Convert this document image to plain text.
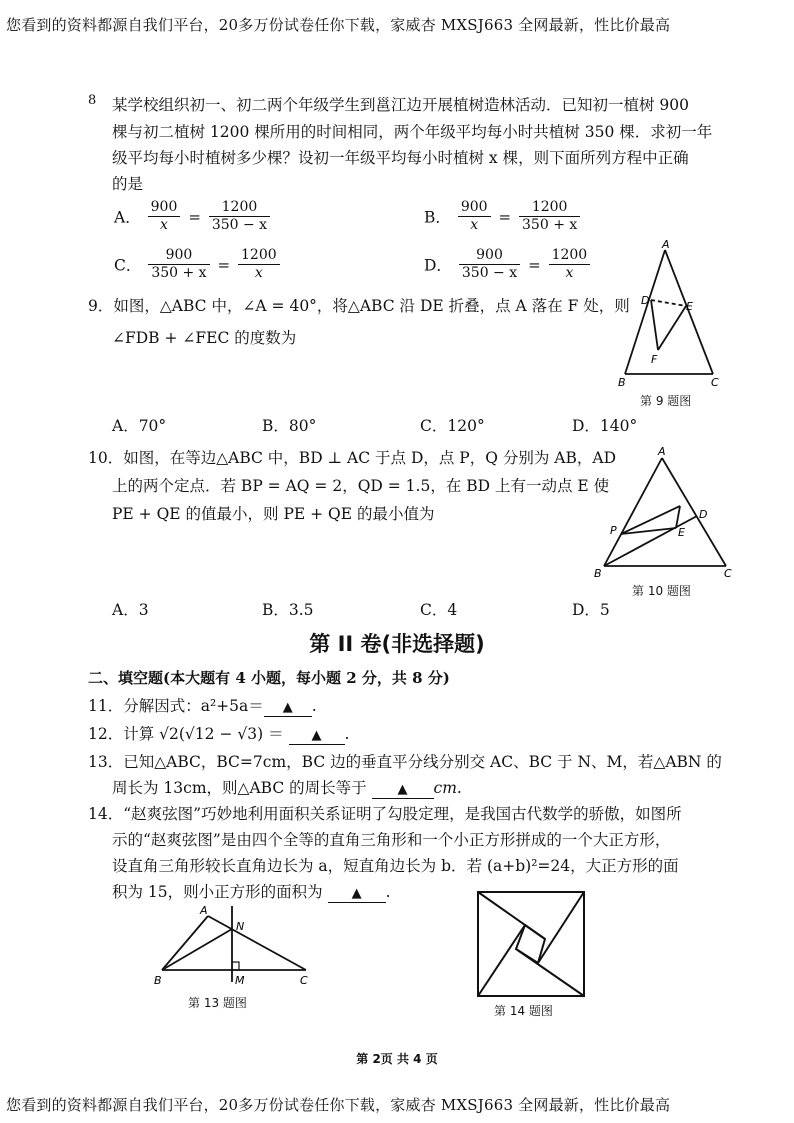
您看到的资料都源自我们平台，20多万份试卷任你下载，家威杏 MXSJ663 全网最新，性比价最高
8 某学校组织初一、初二两个年级学生到邕江边开展植树造林活动．已知初一植树 900
棵与初二植树 1200 棵所用的时间相同，两个年级平均每小时共植树 350 棵．求初一年
级平均每小时植树多少棵？设初一年级平均每小时植树 x 棵，则下面所列方程中正确
的是
A． $\frac{900}{x} = \frac{1200}{350 - x}$	B． $\frac{900}{x} = \frac{1200}{350 + x}$
C． $\frac{900}{350 + x} = \frac{1200}{x}$	D． $\frac{900}{350 - x} = \frac{1200}{x}$
9．如图，△ABC 中，∠A = 40°，将△ABC 沿 DE 折叠，点 A 落在 F 处，则
∠FDB + ∠FEC 的度数为
A．70°	B．80°	C．120°	D．140°
A
B	C
D	E
F
第 9 题图
10．如图，在等边△ABC 中，BD ⊥ AC 于点 D，点 P，Q 分别为 AB，AD
上的两个定点．若 BP = AQ = 2，QD = 1.5，在 BD 上有一动点 E 使
PE + QE 的值最小，则 PE + QE 的最小值为
A．3	B．3.5	C．4	D．5
A
B	C
D
E
P
第 10 题图
第 II 卷(非选择题)
二、填空题(本大题有 4 小题，每小题 2 分，共 8 分)
11．分解因式：a²+5a＝ ▲ .
12．计算 √2(√12 − √3) ＝ ▲ .
13．已知△ABC，BC=7cm，BC 边的垂直平分线分别交 AC、BC 于 N、M，若△ABN 的
周长为 13cm，则△ABC 的周长等于 ▲ cm.
14．“赵爽弦图”巧妙地利用面积关系证明了勾股定理，是我国古代数学的骄傲，如图所
示的“赵爽弦图”是由四个全等的直角三角形和一个小正方形拼成的一个大正方形，
设直角三角形较长直角边长为 a，短直角边长为 b．若 (a+b)²=24，大正方形的面
积为 15，则小正方形的面积为 ▲ .
A
B	C
M
N
第 13 题图
第 14 题图
第 2页 共 4 页
您看到的资料都源自我们平台，20多万份试卷任你下载，家威杏 MXSJ663 全网最新，性比价最高
